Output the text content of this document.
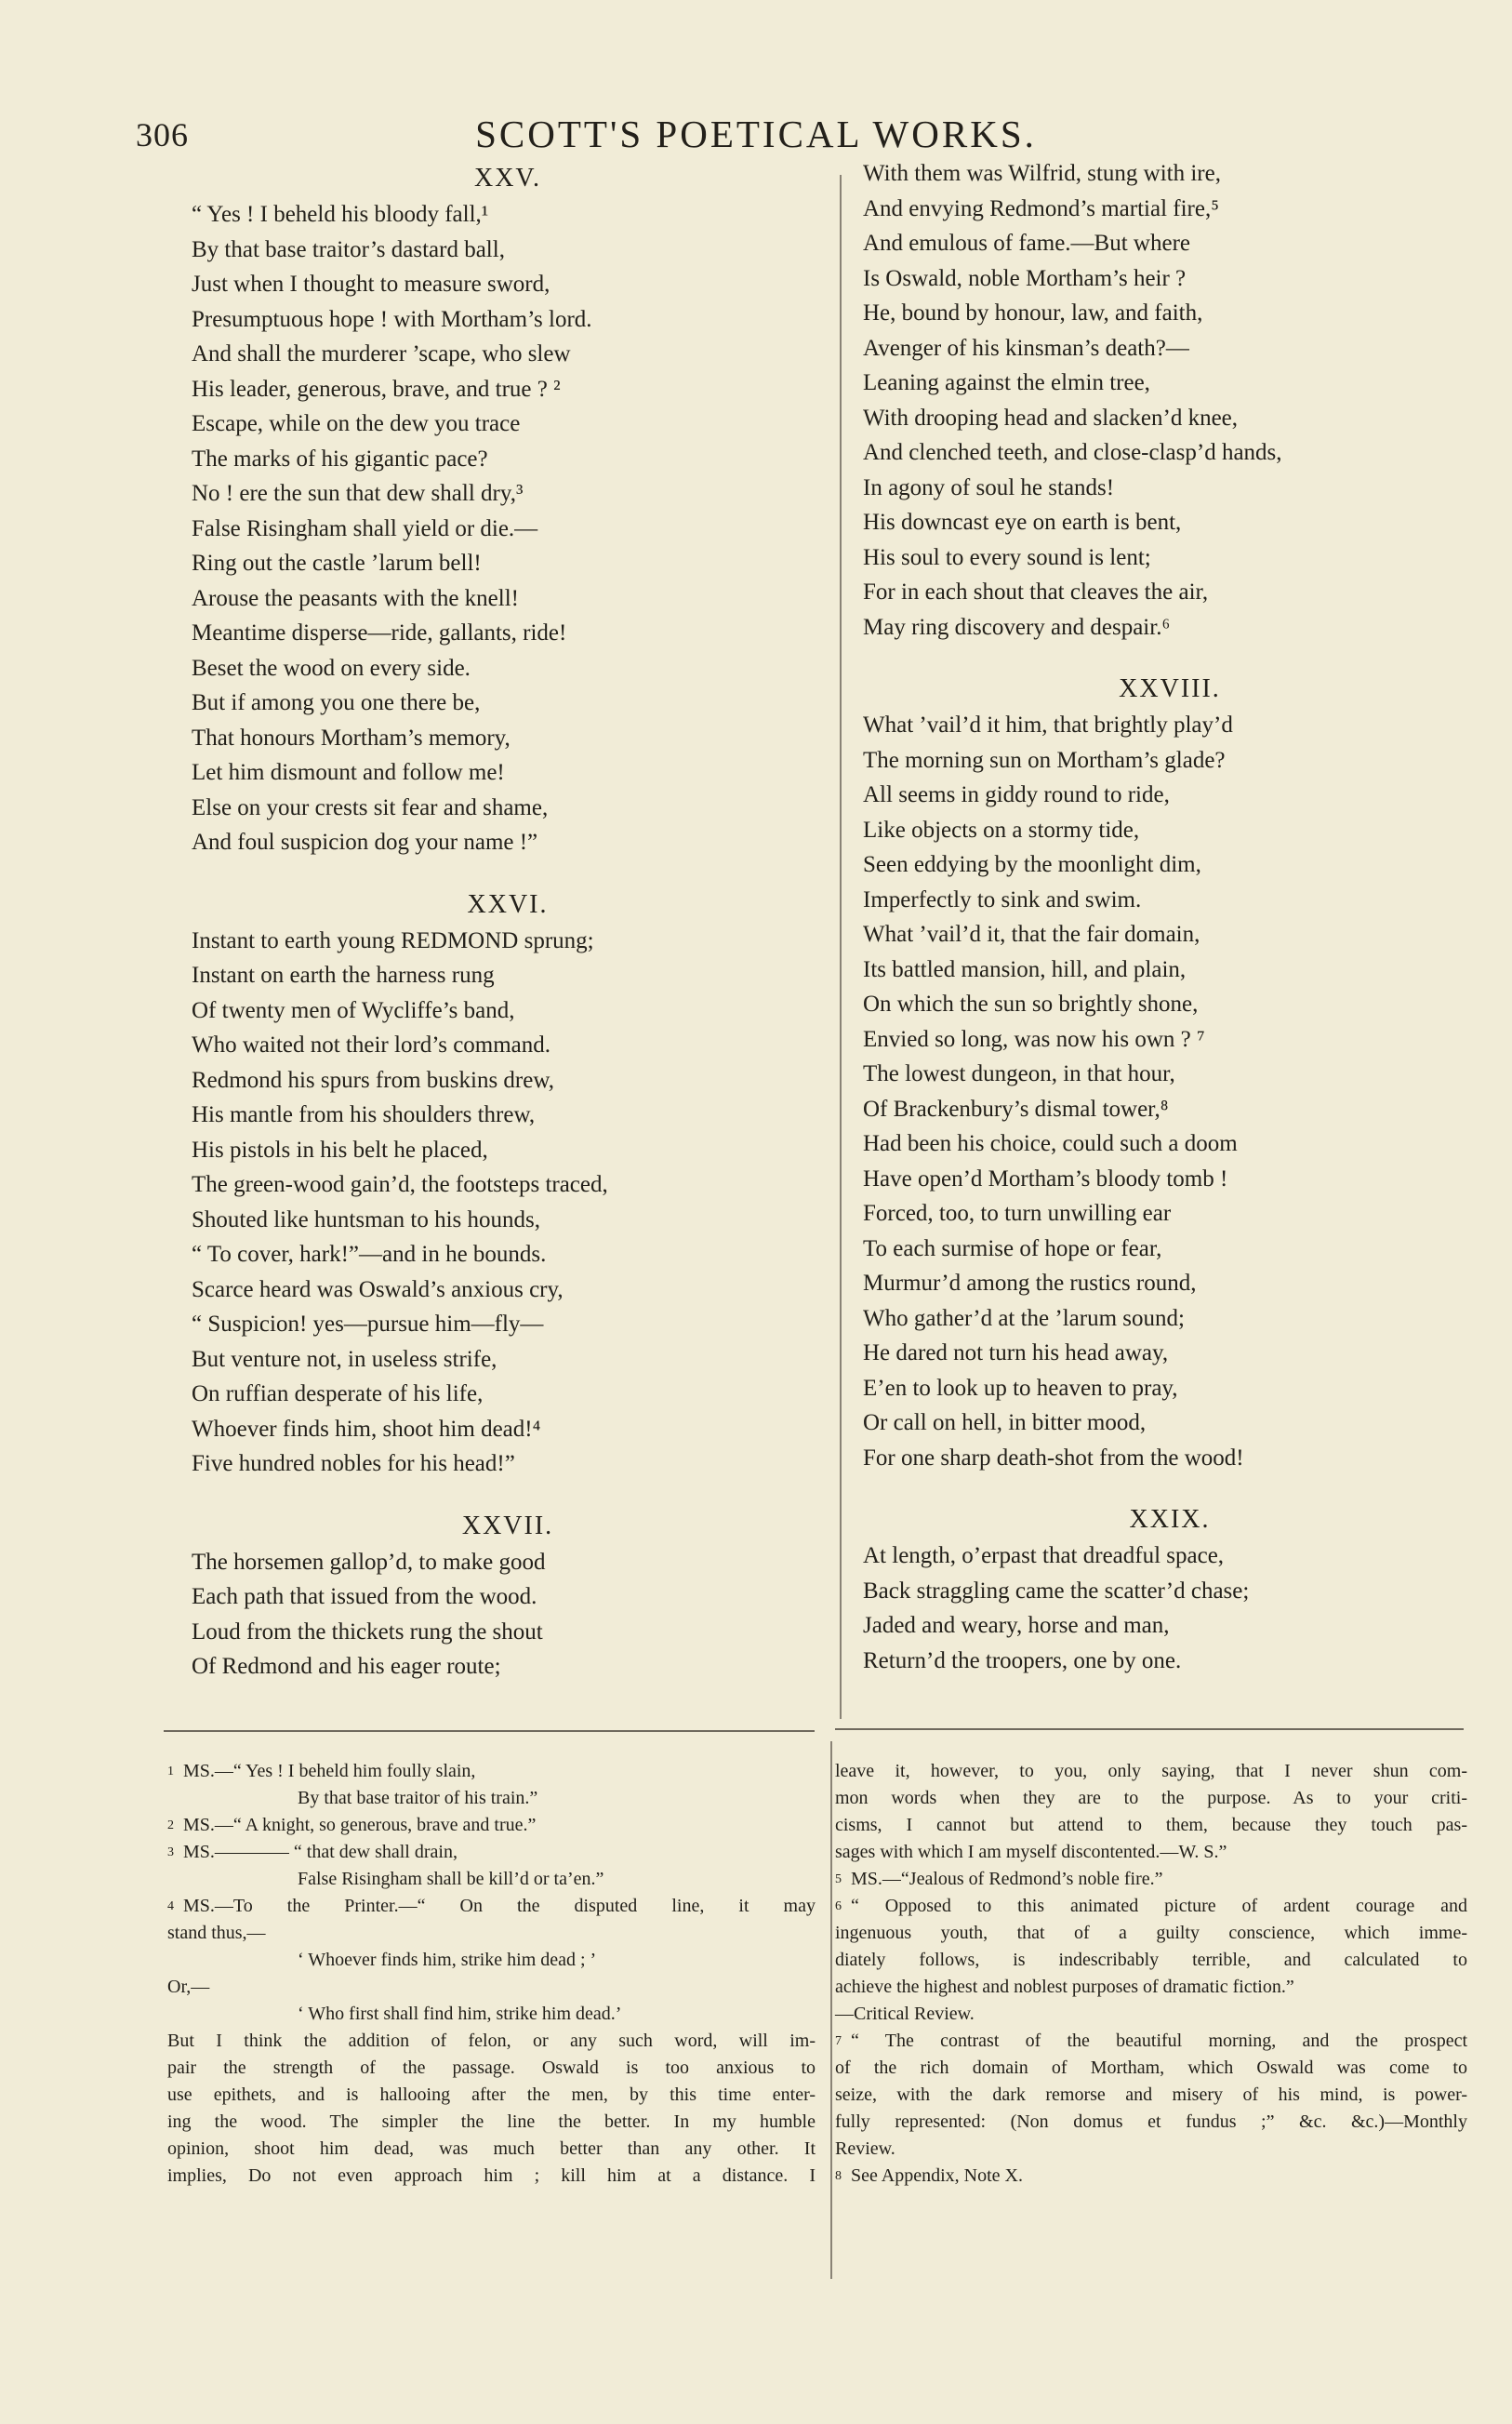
306	SCOTT'S POETICAL WORKS.
XXV.
“ Yes ! I beheld his bloody fall,¹
By that base traitor’s dastard ball,
Just when I thought to measure sword,
Presumptuous hope ! with Mortham’s lord.
And shall the murderer ’scape, who slew
His leader, generous, brave, and true ? ²
Escape, while on the dew you trace
The marks of his gigantic pace?
No ! ere the sun that dew shall dry,³
False Risingham shall yield or die.—
Ring out the castle ’larum bell!
Arouse the peasants with the knell!
Meantime disperse—ride, gallants, ride!
Beset the wood on every side.
But if among you one there be,
That honours Mortham’s memory,
Let him dismount and follow me!
Else on your crests sit fear and shame,
And foul suspicion dog your name !”
XXVI.
Instant to earth young REDMOND sprung;
Instant on earth the harness rung
Of twenty men of Wycliffe’s band,
Who waited not their lord’s command.
Redmond his spurs from buskins drew,
His mantle from his shoulders threw,
His pistols in his belt he placed,
The green-wood gain’d, the footsteps traced,
Shouted like huntsman to his hounds,
“ To cover, hark!”—and in he bounds.
Scarce heard was Oswald’s anxious cry,
“ Suspicion! yes—pursue him—fly—
But venture not, in useless strife,
On ruffian desperate of his life,
Whoever finds him, shoot him dead!⁴
Five hundred nobles for his head!”
XXVII.
The horsemen gallop’d, to make good
Each path that issued from the wood.
Loud from the thickets rung the shout
Of Redmond and his eager route;
With them was Wilfrid, stung with ire,
And envying Redmond’s martial fire,⁵
And emulous of fame.—But where
Is Oswald, noble Mortham’s heir ?
He, bound by honour, law, and faith,
Avenger of his kinsman’s death?—
Leaning against the elmin tree,
With drooping head and slacken’d knee,
And clenched teeth, and close-clasp’d hands,
In agony of soul he stands!
His downcast eye on earth is bent,
His soul to every sound is lent;
For in each shout that cleaves the air,
May ring discovery and despair.⁶
XXVIII.
What ’vail’d it him, that brightly play’d
The morning sun on Mortham’s glade?
All seems in giddy round to ride,
Like objects on a stormy tide,
Seen eddying by the moonlight dim,
Imperfectly to sink and swim.
What ’vail’d it, that the fair domain,
Its battled mansion, hill, and plain,
On which the sun so brightly shone,
Envied so long, was now his own ? ⁷
The lowest dungeon, in that hour,
Of Brackenbury’s dismal tower,⁸
Had been his choice, could such a doom
Have open’d Mortham’s bloody tomb !
Forced, too, to turn unwilling ear
To each surmise of hope or fear,
Murmur’d among the rustics round,
Who gather’d at the ’larum sound;
He dared not turn his head away,
E’en to look up to heaven to pray,
Or call on hell, in bitter mood,
For one sharp death-shot from the wood!
XXIX.
At length, o’erpast that dreadful space,
Back straggling came the scatter’d chase;
Jaded and weary, horse and man,
Return’d the troopers, one by one.
$^1$ MS.—“ Yes ! I beheld him foully slain,
By that base traitor of his train.”
$^2$ MS.—“ A knight, so generous, brave and true.”
$^3$ MS.———— “ that dew shall drain,
False Risingham shall be kill’d or ta’en.”
$^4$ MS.—To the Printer.—“ On the disputed line, it may
stand thus,—
‘ Whoever finds him, strike him dead ; ’
Or,—
‘ Who first shall find him, strike him dead.’
But I think the addition of felon, or any such word, will im-
pair the strength of the passage. Oswald is too anxious to
use epithets, and is hallooing after the men, by this time enter-
ing the wood. The simpler the line the better. In my humble
opinion, shoot him dead, was much better than any other. It
implies, Do not even approach him ; kill him at a distance. I
leave it, however, to you, only saying, that I never shun com-
mon words when they are to the purpose. As to your criti-
cisms, I cannot but attend to them, because they touch pas-
sages with which I am myself discontented.—W. S.”
$^5$ MS.—“Jealous of Redmond’s noble fire.”
$^6$ “ Opposed to this animated picture of ardent courage and
ingenuous youth, that of a guilty conscience, which imme-
diately follows, is indescribably terrible, and calculated to
achieve the highest and noblest purposes of dramatic fiction.”
—Critical Review.
$^7$ “ The contrast of the beautiful morning, and the prospect
of the rich domain of Mortham, which Oswald was come to
seize, with the dark remorse and misery of his mind, is power-
fully represented: (Non domus et fundus ;” &c. &c.)—Monthly
Review.
$^8$ See Appendix, Note X.
